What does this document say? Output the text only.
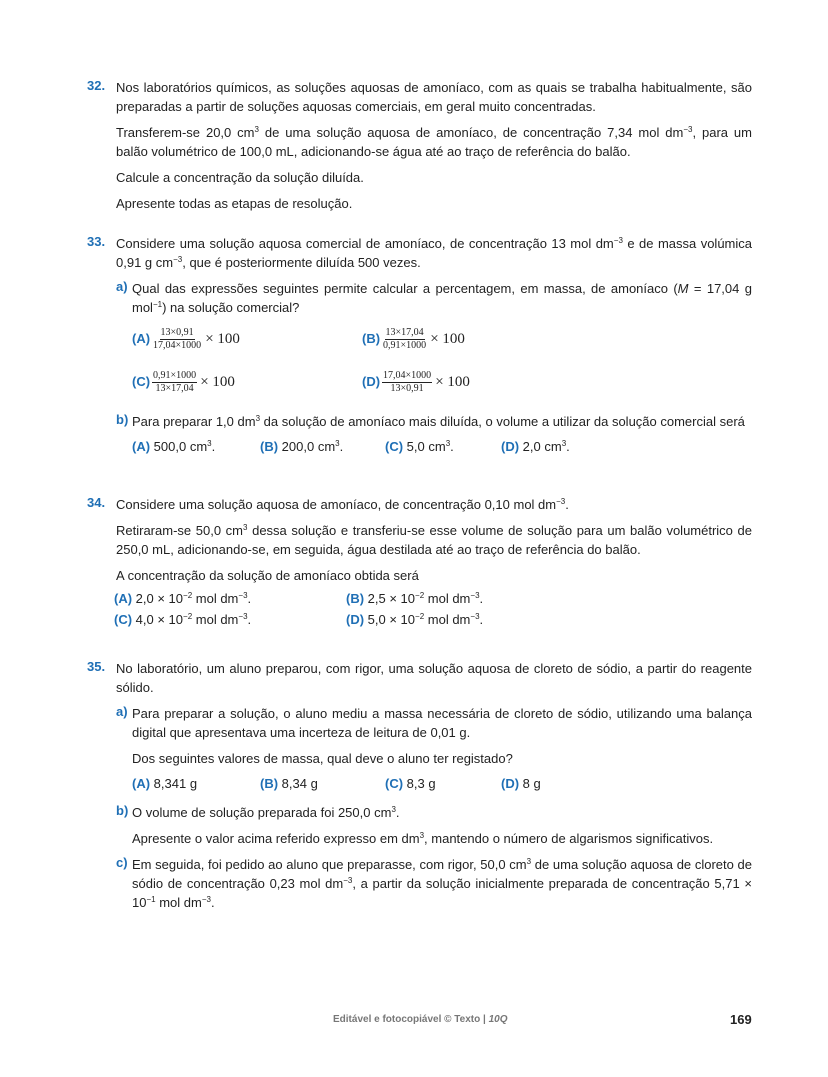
32. Nos laboratórios químicos, as soluções aquosas de amoníaco, com as quais se trabalha habitualmente, são preparadas a partir de soluções aquosas comerciais, em geral muito concentradas.

Transferem-se 20,0 $cm^3$ de uma solução aquosa de amoníaco, de concentração 7,34 mol $dm^{-3}$, para um balão volumétrico de 100,0 mL, adicionando-se água até ao traço de referência do balão.

Calcule a concentração da solução diluída.

Apresente todas as etapas de resolução.

33. Considere uma solução aquosa comercial de amoníaco, de concentração 13 mol $dm^{-3}$ e de massa volúmica 0,91 g $cm^{-3}$, que é posteriormente diluída 500 vezes.

a) Qual das expressões seguintes permite calcular a percentagem, em massa, de amoníaco (M = 17,04 g mol$^{-1}$) na solução comercial?

$(A) \frac{13\times 0,91}{17,04\times 1000} \times 100$	$(B) \frac{13\times 17,04}{0,91\times 1000} \times 100$
$(C) \frac{0,91\times 1000}{13\times 17,04} \times 100$	$(D) \frac{17,04\times 1000}{13\times 0,91} \times 100$
b) Para preparar 1,0 $dm^3$ da solução de amoníaco mais diluída, o volume a utilizar da solução comercial será

(A) 500,0 $cm^3$.	(B) 200,0 $cm^3$.	(C) 5,0 $cm^3$.	(D) 2,0 $cm^3$.
34. Considere uma solução aquosa de amoníaco, de concentração 0,10 mol $dm^{-3}$.

Retiraram-se 50,0 $cm^3$ dessa solução e transferiu-se esse volume de solução para um balão volumétrico de 250,0 mL, adicionando-se, em seguida, água destilada até ao traço de referência do balão.

A concentração da solução de amoníaco obtida será

(A) $2,0 \times 10^{-2}$ mol $dm^{-3}$.	(B) $2,5 \times 10^{-2}$ mol $dm^{-3}$.
(C) $4,0 \times 10^{-2}$ mol $dm^{-3}$.	(D) $5,0 \times 10^{-2}$ mol $dm^{-3}$.
35. No laboratório, um aluno preparou, com rigor, uma solução aquosa de cloreto de sódio, a partir do reagente sólido.

a) Para preparar a solução, o aluno mediu a massa necessária de cloreto de sódio, utilizando uma balança digital que apresentava uma incerteza de leitura de 0,01 g.

Dos seguintes valores de massa, qual deve o aluno ter registado?

(A) 8,341 g	(B) 8,34 g	(C) 8,3 g	(D) 8 g
b) O volume de solução preparada foi 250,0 $cm^3$.

Apresente o valor acima referido expresso em $dm^3$, mantendo o número de algarismos significativos.

c) Em seguida, foi pedido ao aluno que preparasse, com rigor, 50,0 $cm^3$ de uma solução aquosa de cloreto de sódio de concentração 0,23 mol $dm^{-3}$, a partir da solução inicialmente preparada de concentração $5,71 \times 10^{-1}$ mol $dm^{-3}$.

Editável e fotocopiável © Texto | 10Q	169
